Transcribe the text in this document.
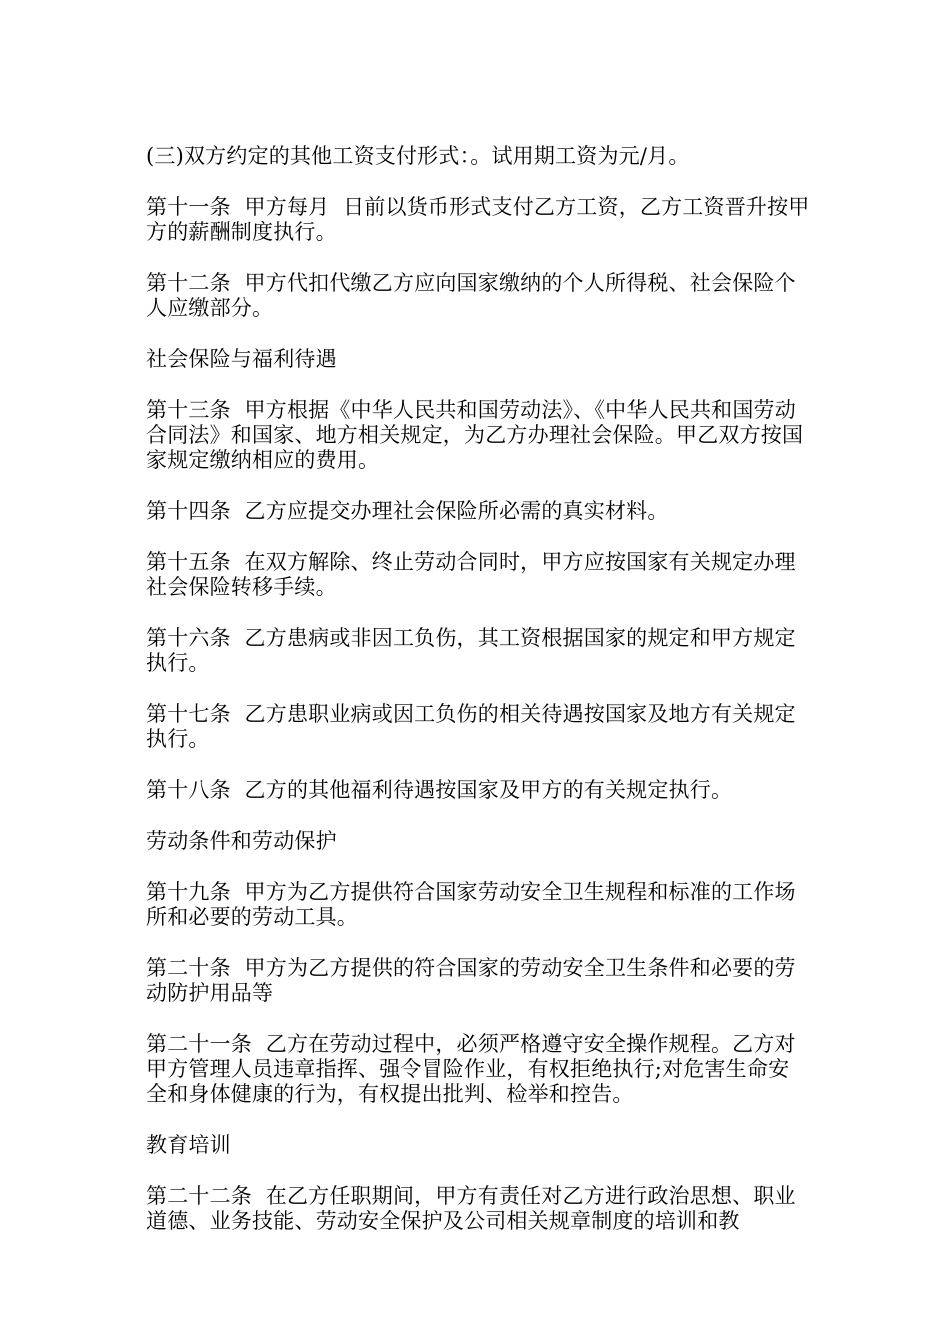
(三)双方约定的其他工资支付形式：。试用期工资为元/月。

第十一条  甲方每月  日前以货币形式支付乙方工资，乙方工资晋升按甲方的薪酬制度执行。

第十二条  甲方代扣代缴乙方应向国家缴纳的个人所得税、社会保险个人应缴部分。

社会保险与福利待遇

第十三条  甲方根据《中华人民共和国劳动法》、《中华人民共和国劳动合同法》和国家、地方相关规定，为乙方办理社会保险。甲乙双方按国家规定缴纳相应的费用。

第十四条  乙方应提交办理社会保险所必需的真实材料。

第十五条  在双方解除、终止劳动合同时，甲方应按国家有关规定办理社会保险转移手续。

第十六条  乙方患病或非因工负伤，其工资根据国家的规定和甲方规定执行。

第十七条  乙方患职业病或因工负伤的相关待遇按国家及地方有关规定执行。

第十八条  乙方的其他福利待遇按国家及甲方的有关规定执行。

劳动条件和劳动保护

第十九条  甲方为乙方提供符合国家劳动安全卫生规程和标准的工作场所和必要的劳动工具。

第二十条  甲方为乙方提供的符合国家的劳动安全卫生条件和必要的劳动防护用品等

第二十一条  乙方在劳动过程中，必须严格遵守安全操作规程。乙方对甲方管理人员违章指挥、强令冒险作业，有权拒绝执行;对危害生命安全和身体健康的行为，有权提出批判、检举和控告。

教育培训

第二十二条  在乙方任职期间，甲方有责任对乙方进行政治思想、职业道德、业务技能、劳动安全保护及公司相关规章制度的培训和教
